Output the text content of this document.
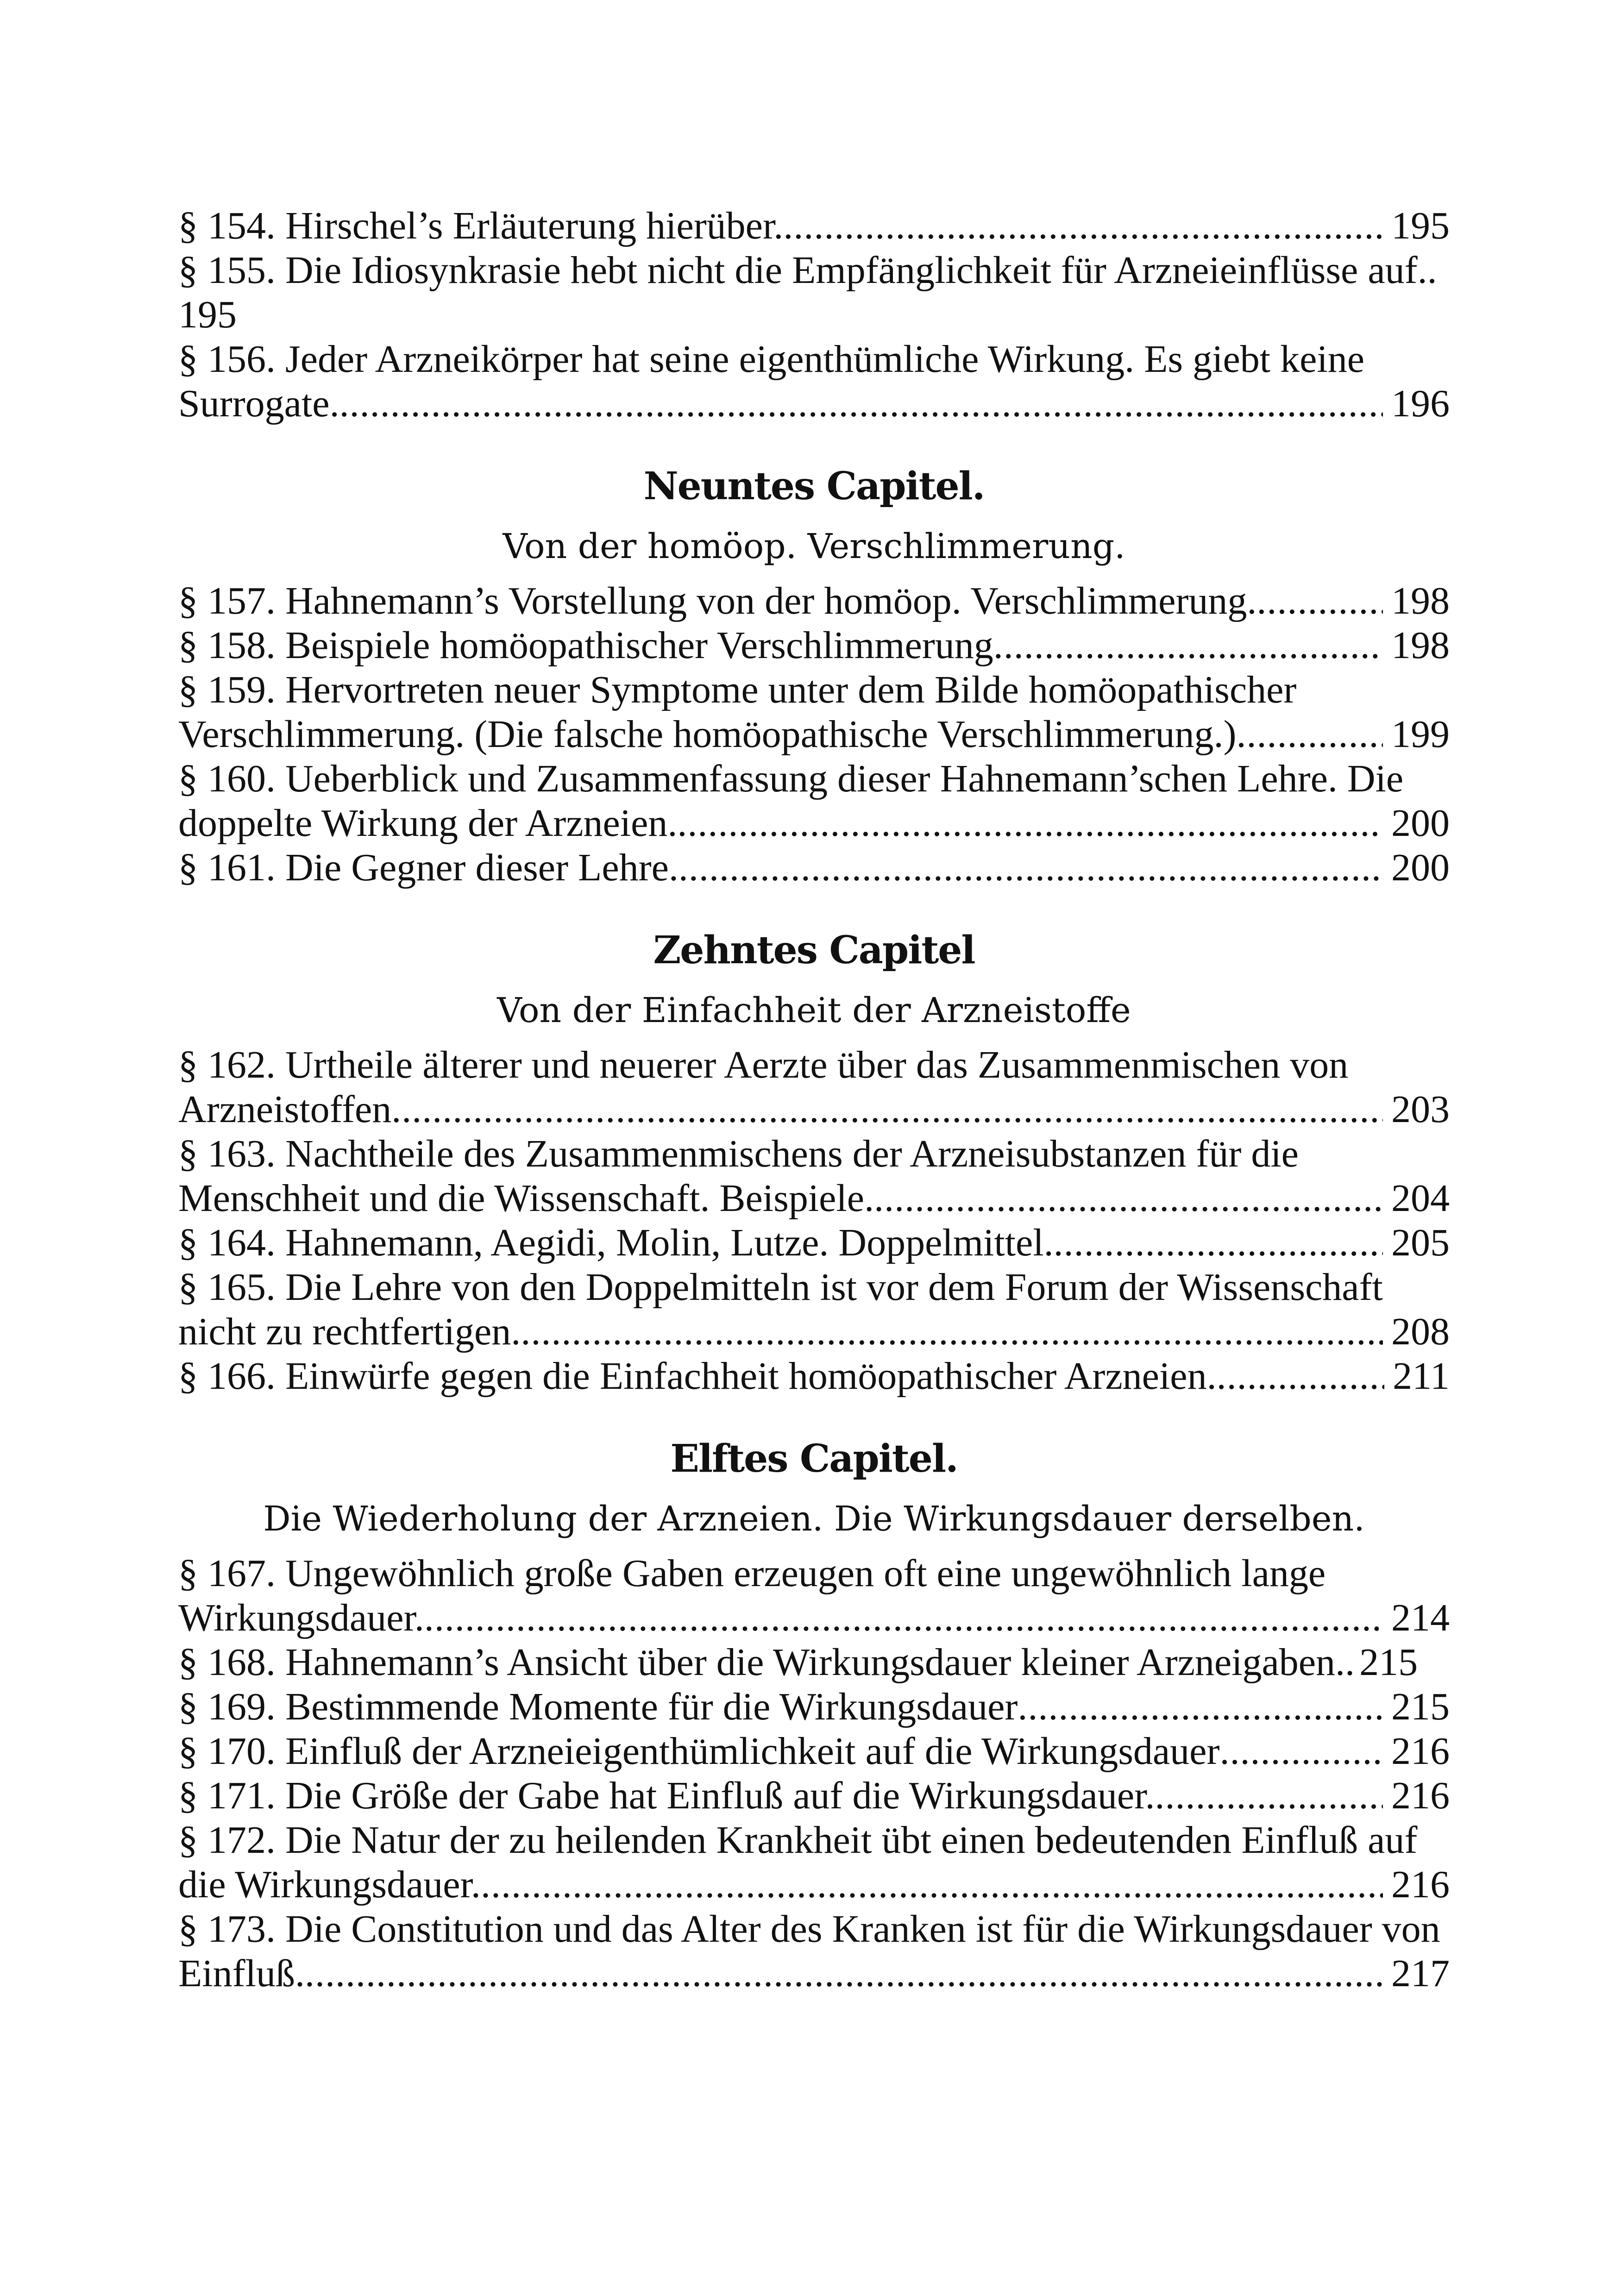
§ 154. Hirschel’s Erläuterung hierüber. .....	195
§ 155. Die Idiosynkrasie hebt nicht die Empfänglichkeit für Arzneieinflüsse auf..
195
§ 156. Jeder Arzneikörper hat seine eigenthümliche Wirkung. Es giebt keine
Surrogate. .....	196
Neuntes Capitel.
Von der homöop. Verschlimmerung.
§ 157. Hahnemann’s Vorstellung von der homöop. Verschlimmerung. .....	198
§ 158. Beispiele homöopathischer Verschlimmerung .....	198
§ 159. Hervortreten neuer Symptome unter dem Bilde homöopathischer
Verschlimmerung. (Die falsche homöopathische Verschlimmerung.) .....	199
§ 160. Ueberblick und Zusammenfassung dieser Hahnemann’schen Lehre. Die
doppelte Wirkung der Arzneien. .....	200
§ 161. Die Gegner dieser Lehre. .....	200
Zehntes Capitel
Von der Einfachheit der Arzneistoffe
§ 162. Urtheile älterer und neuerer Aerzte über das Zusammenmischen von
Arzneistoffen .....	203
§ 163. Nachtheile des Zusammenmischens der Arzneisubstanzen für die
Menschheit und die Wissenschaft. Beispiele. .....	204
§ 164. Hahnemann, Aegidi, Molin, Lutze. Doppelmittel. .....	205
§ 165. Die Lehre von den Doppelmitteln ist vor dem Forum der Wissenschaft
nicht zu rechtfertigen. .....	208
§ 166. Einwürfe gegen die Einfachheit homöopathischer Arzneien. .....	211
Elftes Capitel.
Die Wiederholung der Arzneien. Die Wirkungsdauer derselben.
§ 167. Ungewöhnlich große Gaben erzeugen oft eine ungewöhnlich lange
Wirkungsdauer. .....	214
§ 168. Hahnemann’s Ansicht über die Wirkungsdauer kleiner Arzneigaben.. 215
§ 169. Bestimmende Momente für die Wirkungsdauer .....	215
§ 170. Einfluß der Arzneieigenthümlichkeit auf die Wirkungsdauer .....	216
§ 171. Die Größe der Gabe hat Einfluß auf die Wirkungsdauer. .....	216
§ 172. Die Natur der zu heilenden Krankheit übt einen bedeutenden Einfluß auf
die Wirkungsdauer. .....	216
§ 173. Die Constitution und das Alter des Kranken ist für die Wirkungsdauer von
Einfluß. .....	217
